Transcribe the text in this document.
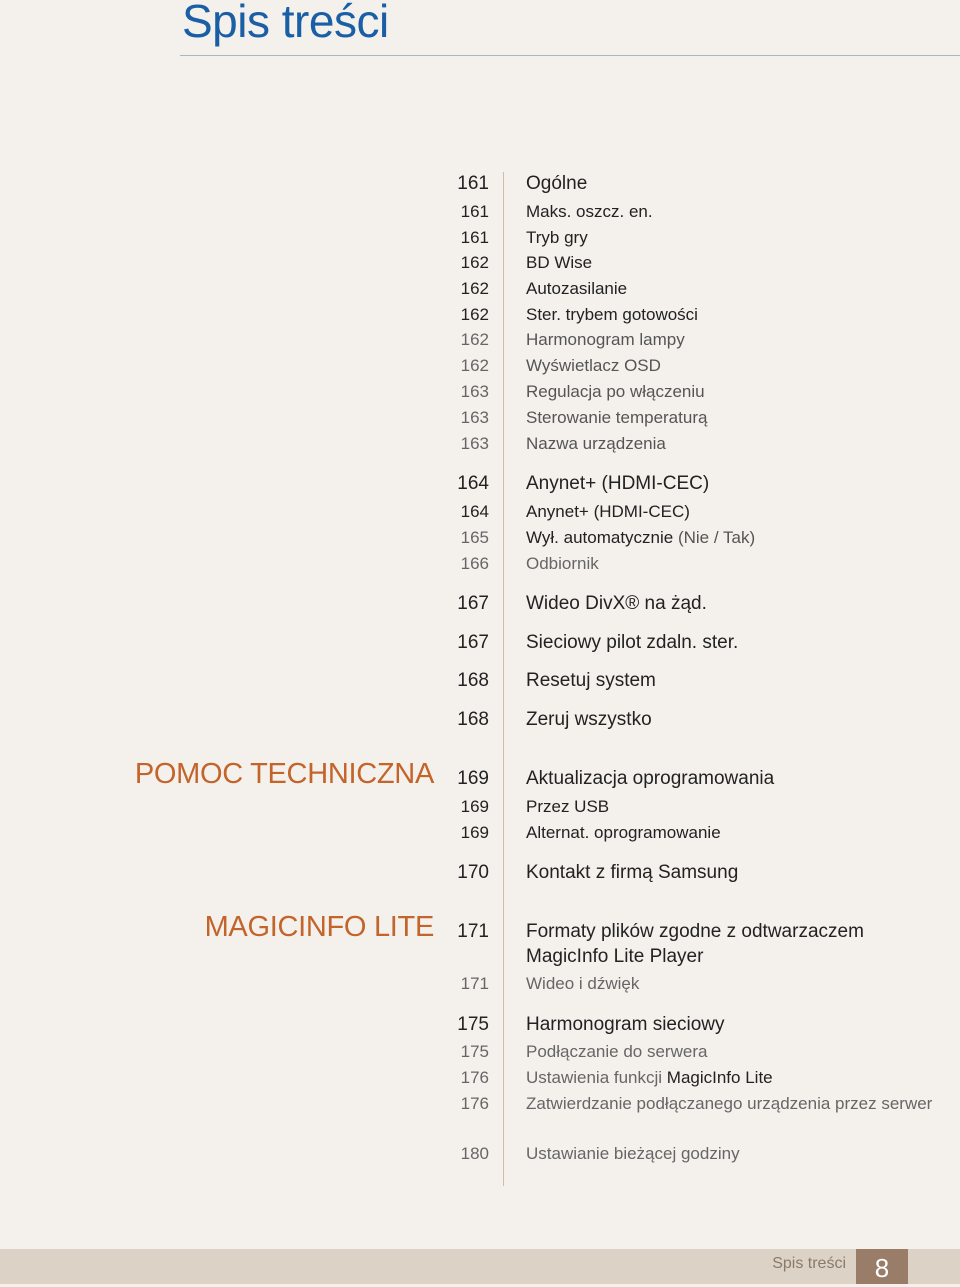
Spis treści
POMOC TECHNICZNA
MAGICINFO LITE
161 Ogólne
161 Maks. oszcz. en.
161 Tryb gry
162 BD Wise
162 Autozasilanie
162 Ster. trybem gotowości
162 Harmonogram lampy
162 Wyświetlacz OSD
163 Regulacja po włączeniu
163 Sterowanie temperaturą
163 Nazwa urządzenia
164 Anynet+ (HDMI-CEC)
164 Anynet+ (HDMI-CEC)
165 Wył. automatycznie (Nie / Tak)
166 Odbiornik
167 Wideo DivX® na żąd.
167 Sieciowy pilot zdaln. ster.
168 Resetuj system
168 Zeruj wszystko
169 Aktualizacja oprogramowania
169 Przez USB
169 Alternat. oprogramowanie
170 Kontakt z firmą Samsung
171 Formaty plików zgodne z odtwarzaczem MagicInfo Lite Player
171 Wideo i dźwięk
175 Harmonogram sieciowy
175 Podłączanie do serwera
176 Ustawienia funkcji MagicInfo Lite
176 Zatwierdzanie podłączanego urządzenia przez serwer
180 Ustawianie bieżącej godziny
Spis treści	8
